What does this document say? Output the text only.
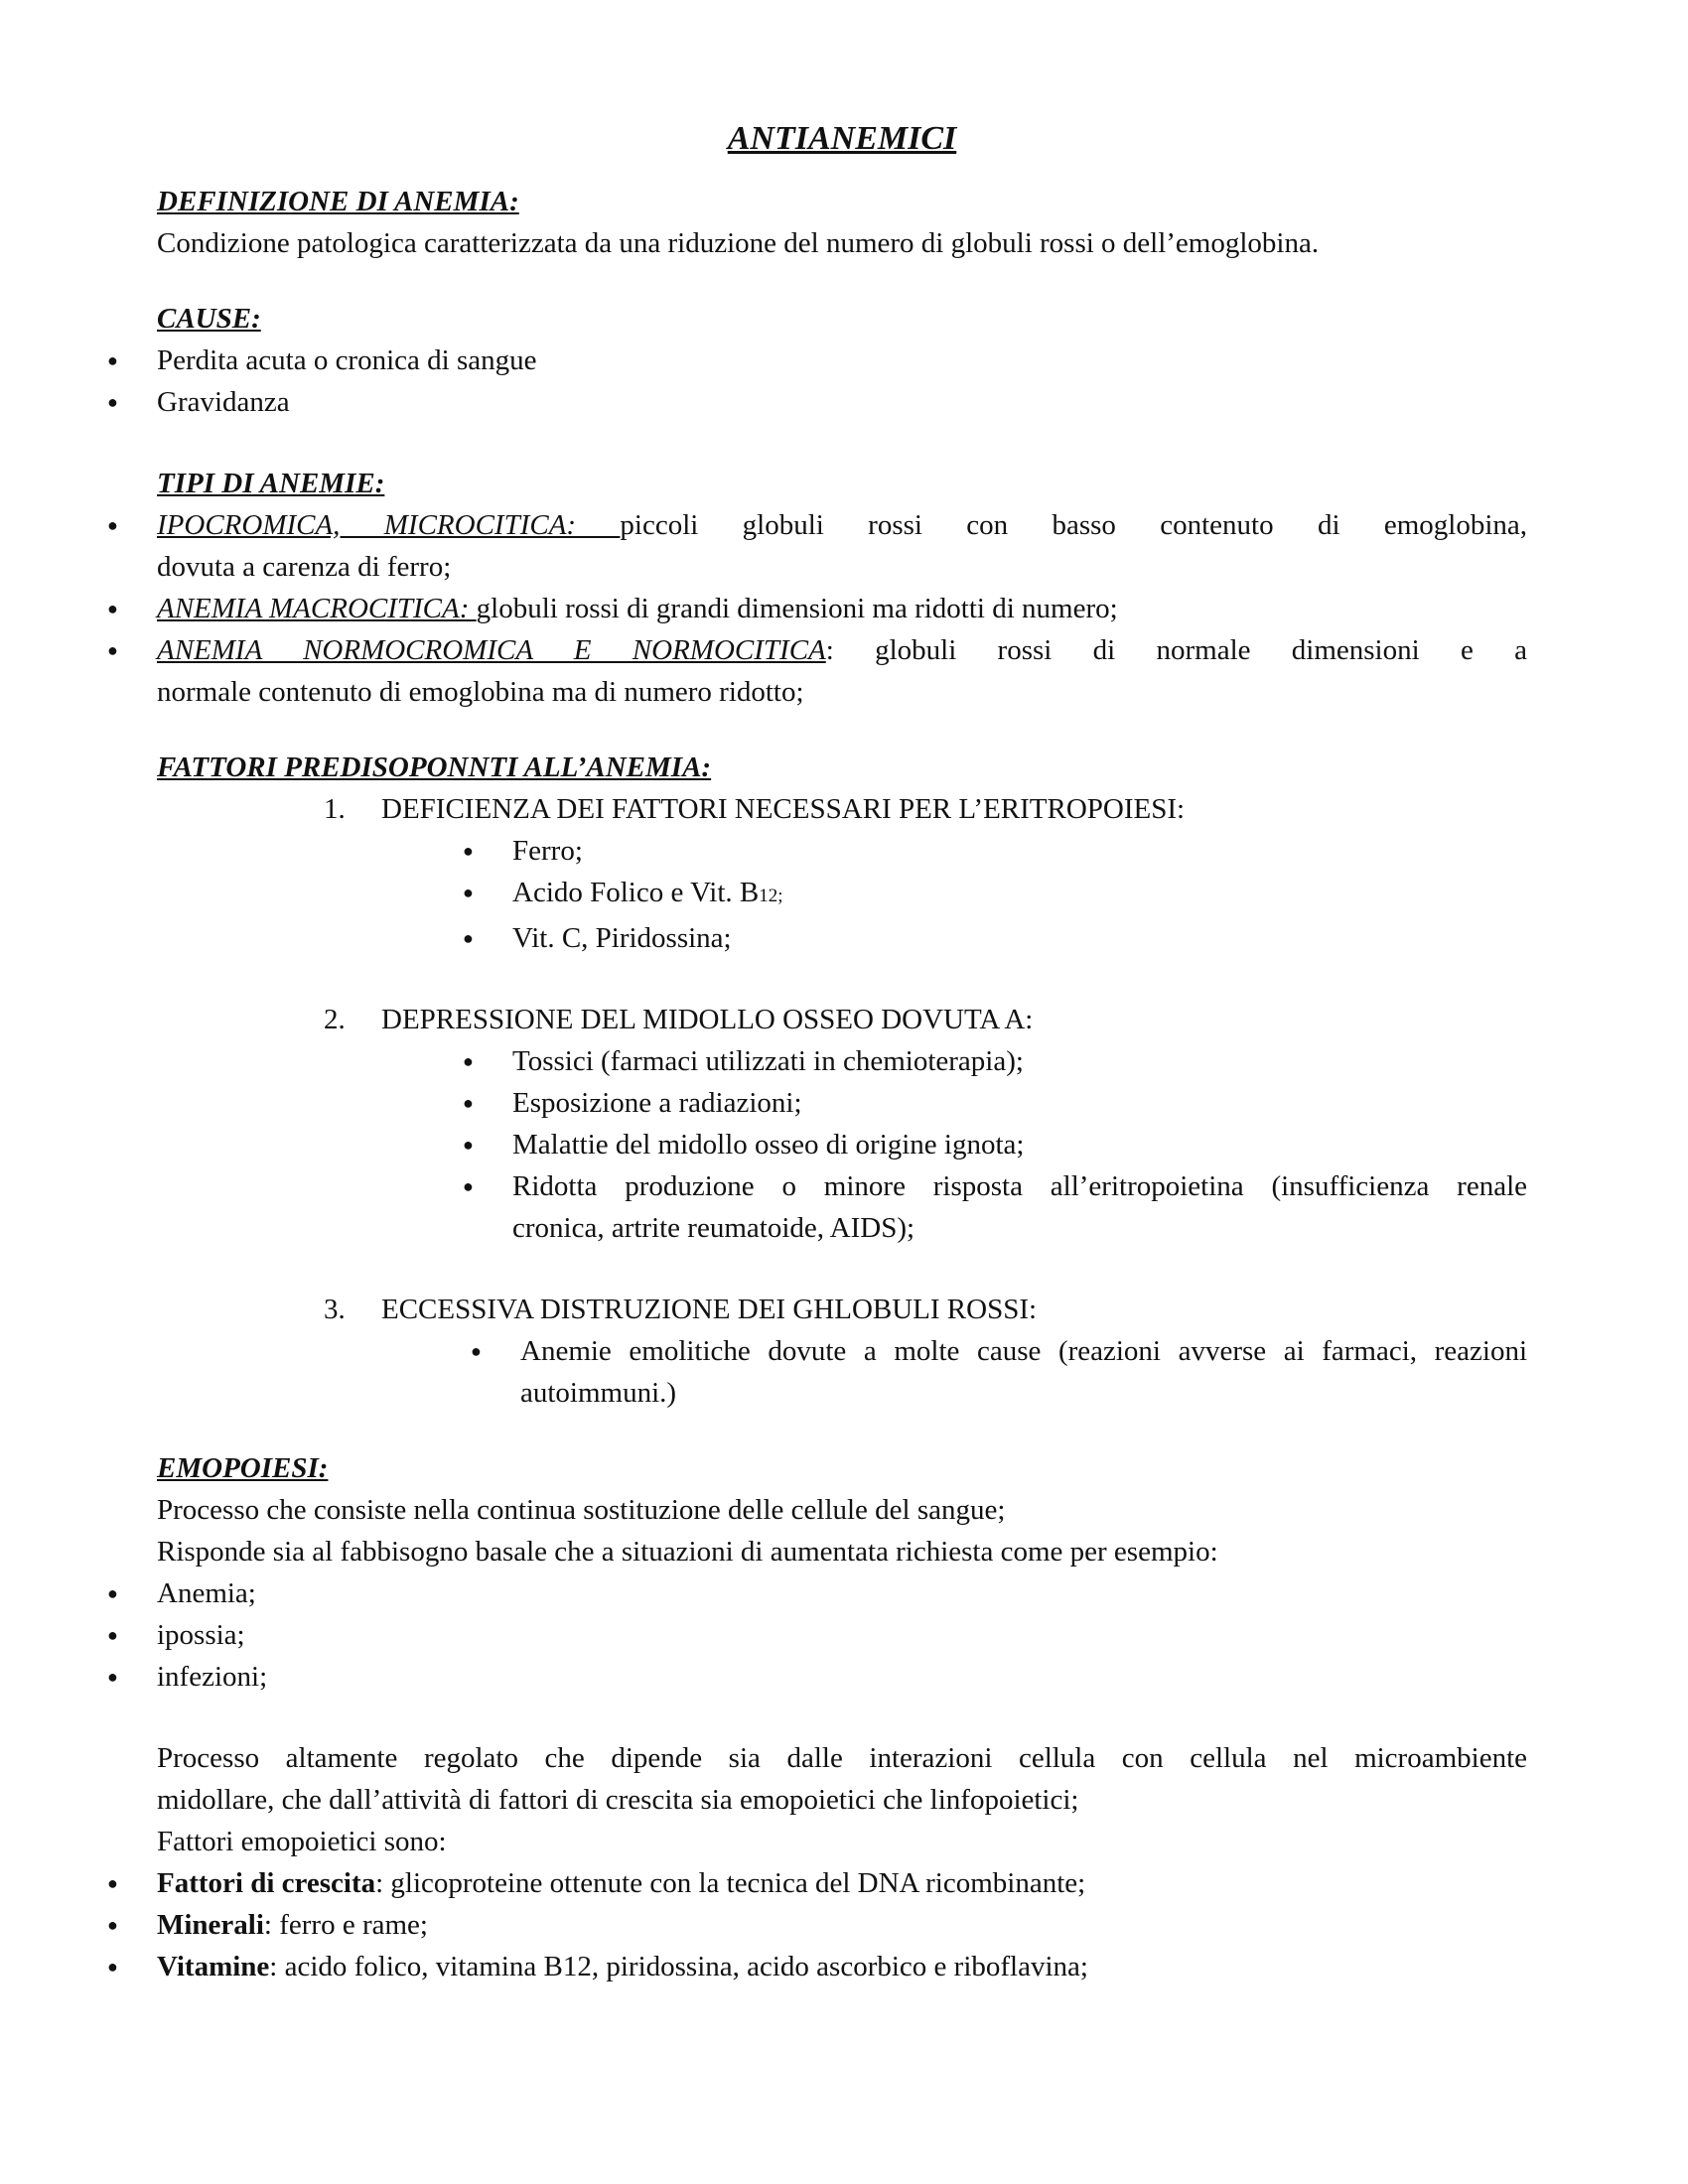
ANTIANEMICI
DEFINIZIONE DI ANEMIA:
Condizione patologica caratterizzata da una riduzione del numero di globuli rossi o dell’emoglobina.
CAUSE:
● Perdita acuta o cronica di sangue
● Gravidanza
TIPI DI ANEMIE:
● IPOCROMICA, MICROCITICA: piccoli globuli rossi con basso contenuto di emoglobina,
dovuta a carenza di ferro;
● ANEMIA MACROCITICA: globuli rossi di grandi dimensioni ma ridotti di numero;
● ANEMIA NORMOCROMICA E NORMOCITICA: globuli rossi di normale dimensioni e a
normale contenuto di emoglobina ma di numero ridotto;
FATTORI PREDISOPONNTI ALL’ANEMIA:
1. DEFICIENZA DEI FATTORI NECESSARI PER L’ERITROPOIESI:
● Ferro;
● Acido Folico e Vit. B12;
● Vit. C, Piridossina;
2. DEPRESSIONE DEL MIDOLLO OSSEO DOVUTA A:
● Tossici (farmaci utilizzati in chemioterapia);
● Esposizione a radiazioni;
● Malattie del midollo osseo di origine ignota;
● Ridotta produzione o minore risposta all’eritropoietina (insufficienza renale
cronica, artrite reumatoide, AIDS);
3. ECCESSIVA DISTRUZIONE DEI GHLOBULI ROSSI:
● Anemie emolitiche dovute a molte cause (reazioni avverse ai farmaci, reazioni
autoimmuni.)
EMOPOIESI:
Processo che consiste nella continua sostituzione delle cellule del sangue;
Risponde sia al fabbisogno basale che a situazioni di aumentata richiesta come per esempio:
● Anemia;
● ipossia;
● infezioni;
Processo altamente regolato che dipende sia dalle interazioni cellula con cellula nel microambiente
midollare, che dall’attività di fattori di crescita sia emopoietici che linfopoietici;
Fattori emopoietici sono:
● Fattori di crescita: glicoproteine ottenute con la tecnica del DNA ricombinante;
● Minerali: ferro e rame;
● Vitamine: acido folico, vitamina B12, piridossina, acido ascorbico e riboflavina;
